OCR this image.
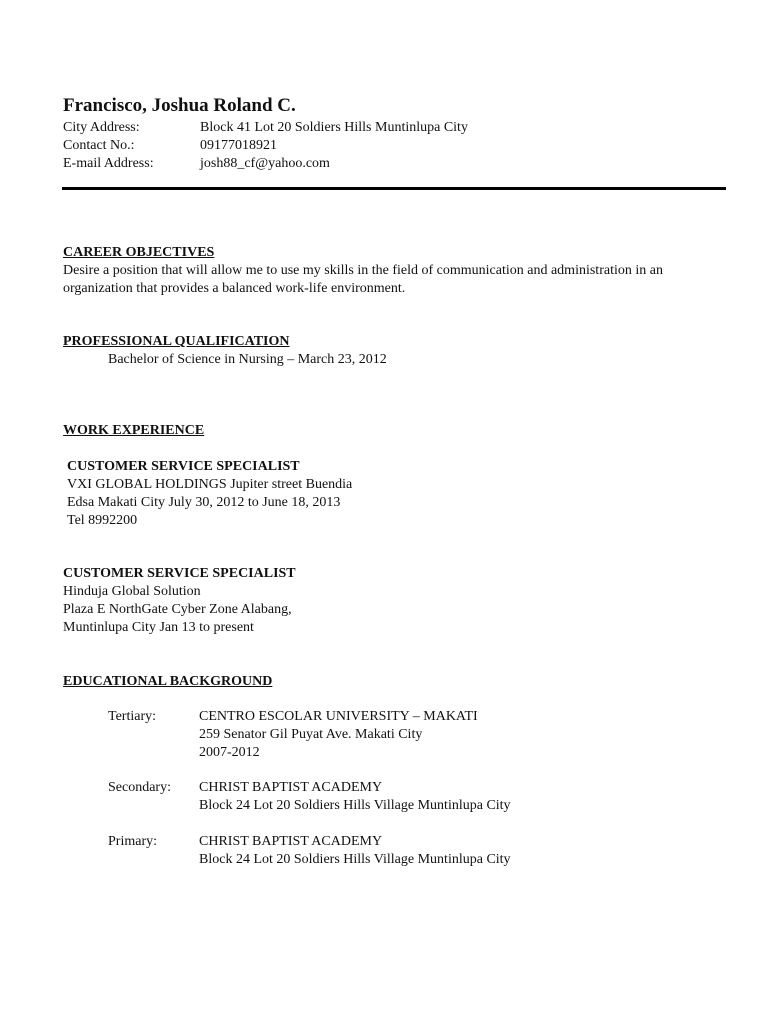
Francisco, Joshua Roland C.
City Address:	Block 41 Lot 20 Soldiers Hills Muntinlupa City
Contact No.:	09177018921
E-mail Address:	josh88_cf@yahoo.com
CAREER OBJECTIVES
Desire a position that will allow me to use my skills in the field of communication and administration in an
organization that provides a balanced work-life environment.
PROFESSIONAL QUALIFICATION
Bachelor of Science in Nursing – March 23, 2012
WORK EXPERIENCE
CUSTOMER SERVICE SPECIALIST
VXI GLOBAL HOLDINGS Jupiter street Buendia
Edsa Makati City July 30, 2012 to June 18, 2013
Tel 8992200
CUSTOMER SERVICE SPECIALIST
Hinduja Global Solution
Plaza E NorthGate Cyber Zone Alabang,
Muntinlupa City Jan 13 to present
EDUCATIONAL BACKGROUND
Tertiary:	CENTRO ESCOLAR UNIVERSITY – MAKATI
259 Senator Gil Puyat Ave. Makati City
2007-2012
Secondary:	CHRIST BAPTIST ACADEMY
Block 24 Lot 20 Soldiers Hills Village Muntinlupa City
Primary:	CHRIST BAPTIST ACADEMY
Block 24 Lot 20 Soldiers Hills Village Muntinlupa City
